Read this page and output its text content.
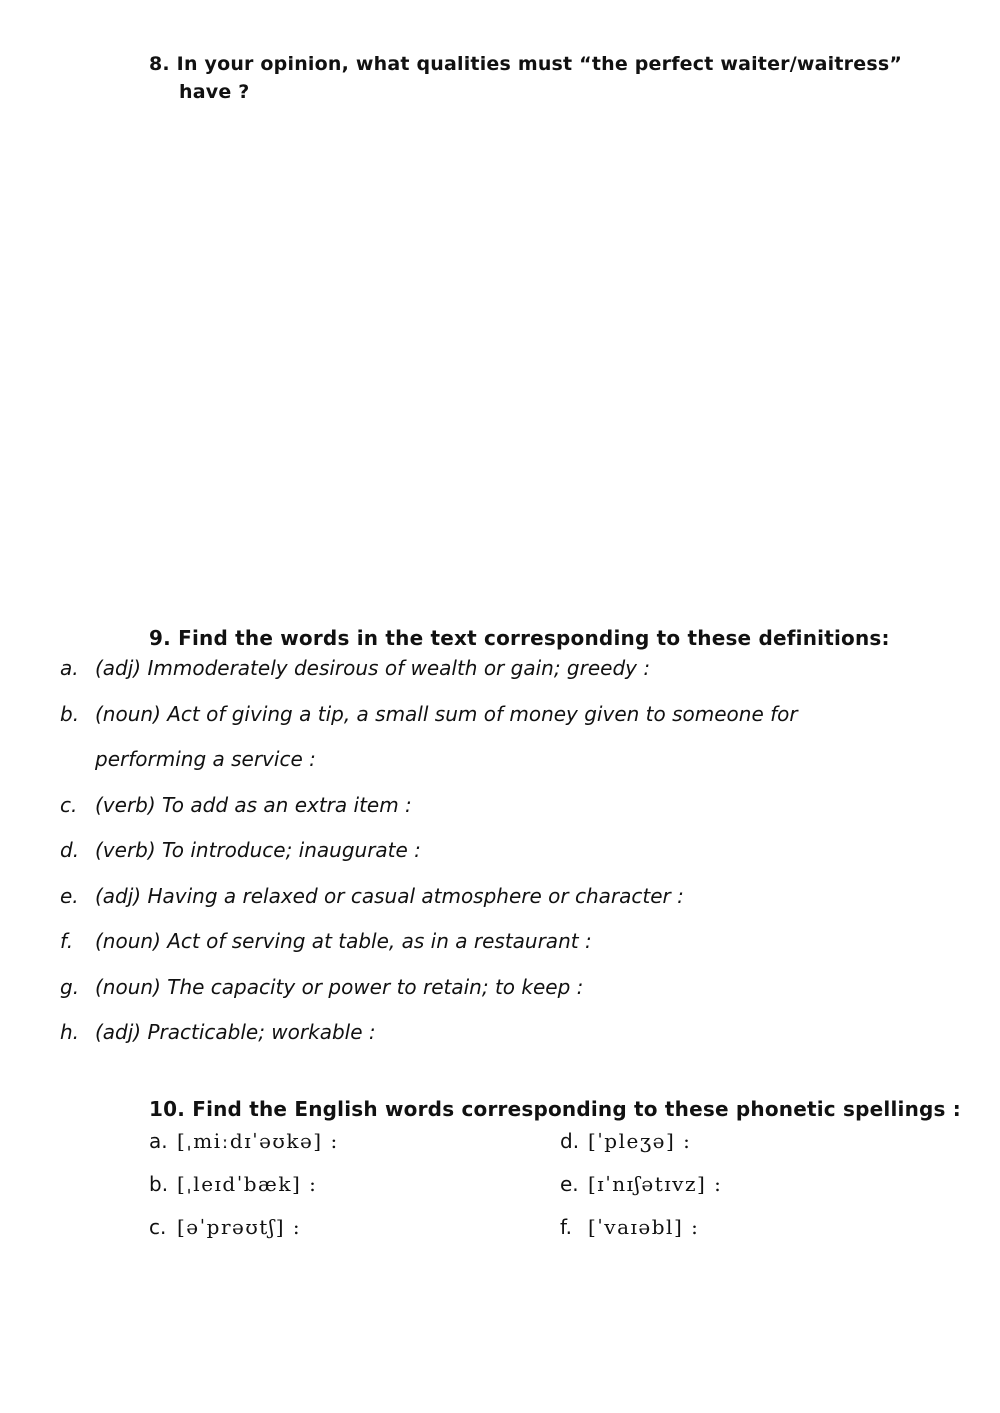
8. In your opinion, what qualities must “the perfect waiter/waitress”
have ?
9. Find the words in the text corresponding to these definitions:
a. (adj) Immoderately desirous of wealth or gain; greedy :
b. (noun) Act of giving a tip, a small sum of money given to someone for
performing a service :
c. (verb) To add as an extra item :
d. (verb) To introduce; inaugurate :
e. (adj) Having a relaxed or casual atmosphere or character :
f. (noun) Act of serving at table, as in a restaurant :
g. (noun) The capacity or power to retain; to keep :
h. (adj) Practicable; workable :
10. Find the English words corresponding to these phonetic spellings :
a. [ˌmiːdɪˈəʊkə] :
b. [ˌleɪdˈbæk] :
c. [əˈprəʊtʃ] :
d. [ˈpleʒə] :
e. [ɪˈnɪʃətɪvz] :
f. [ˈvaɪəbl] :
